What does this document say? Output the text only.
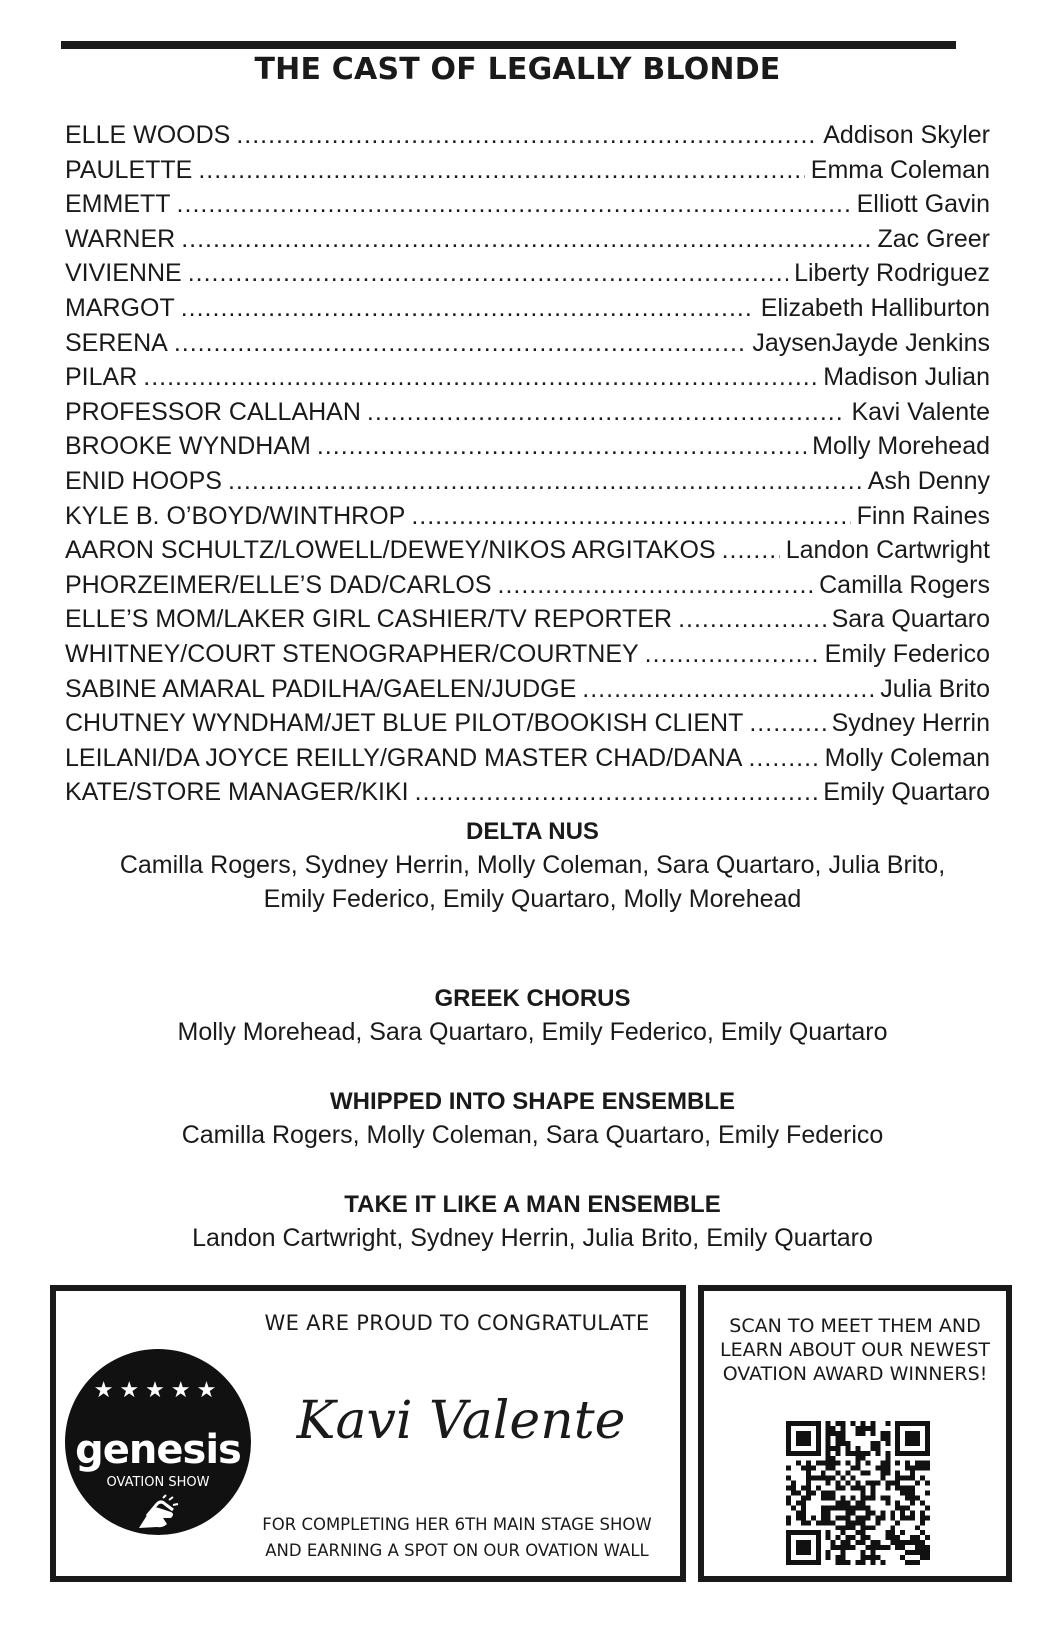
THE CAST OF LEGALLY BLONDE
ELLE WOODS .....	Addison Skyler
PAULETTE .....	Emma Coleman
EMMETT .....	Elliott Gavin
WARNER .....	Zac Greer
VIVIENNE .....	Liberty Rodriguez
MARGOT .....	Elizabeth Halliburton
SERENA .....	JaysenJayde Jenkins
PILAR .....	Madison Julian
PROFESSOR CALLAHAN .....	Kavi Valente
BROOKE WYNDHAM .....	Molly Morehead
ENID HOOPS .....	Ash Denny
KYLE B. O’BOYD/WINTHROP .....	Finn Raines
AARON SCHULTZ/LOWELL/DEWEY/NIKOS ARGITAKOS .....	Landon Cartwright
PHORZEIMER/ELLE’S DAD/CARLOS .....	Camilla Rogers
ELLE’S MOM/LAKER GIRL CASHIER/TV REPORTER .....	Sara Quartaro
WHITNEY/COURT STENOGRAPHER/COURTNEY .....	Emily Federico
SABINE AMARAL PADILHA/GAELEN/JUDGE .....	Julia Brito
CHUTNEY WYNDHAM/JET BLUE PILOT/BOOKISH CLIENT .....	Sydney Herrin
LEILANI/DA JOYCE REILLY/GRAND MASTER CHAD/DANA .....	Molly Coleman
KATE/STORE MANAGER/KIKI .....	Emily Quartaro
DELTA NUS

Camilla Rogers, Sydney Herrin, Molly Coleman, Sara Quartaro, Julia Brito,

Emily Federico, Emily Quartaro, Molly Morehead

GREEK CHORUS

Molly Morehead, Sara Quartaro, Emily Federico, Emily Quartaro

WHIPPED INTO SHAPE ENSEMBLE

Camilla Rogers, Molly Coleman, Sara Quartaro, Emily Federico

TAKE IT LIKE A MAN ENSEMBLE

Landon Cartwright, Sydney Herrin, Julia Brito, Emily Quartaro

★★★★★
genesis
OVATION SHOW
WE ARE PROUD TO CONGRATULATE
Kavi Valente
FOR COMPLETING HER 6TH MAIN STAGE SHOW
AND EARNING A SPOT ON OUR OVATION WALL
SCAN TO MEET THEM AND
LEARN ABOUT OUR NEWEST
OVATION AWARD WINNERS!
